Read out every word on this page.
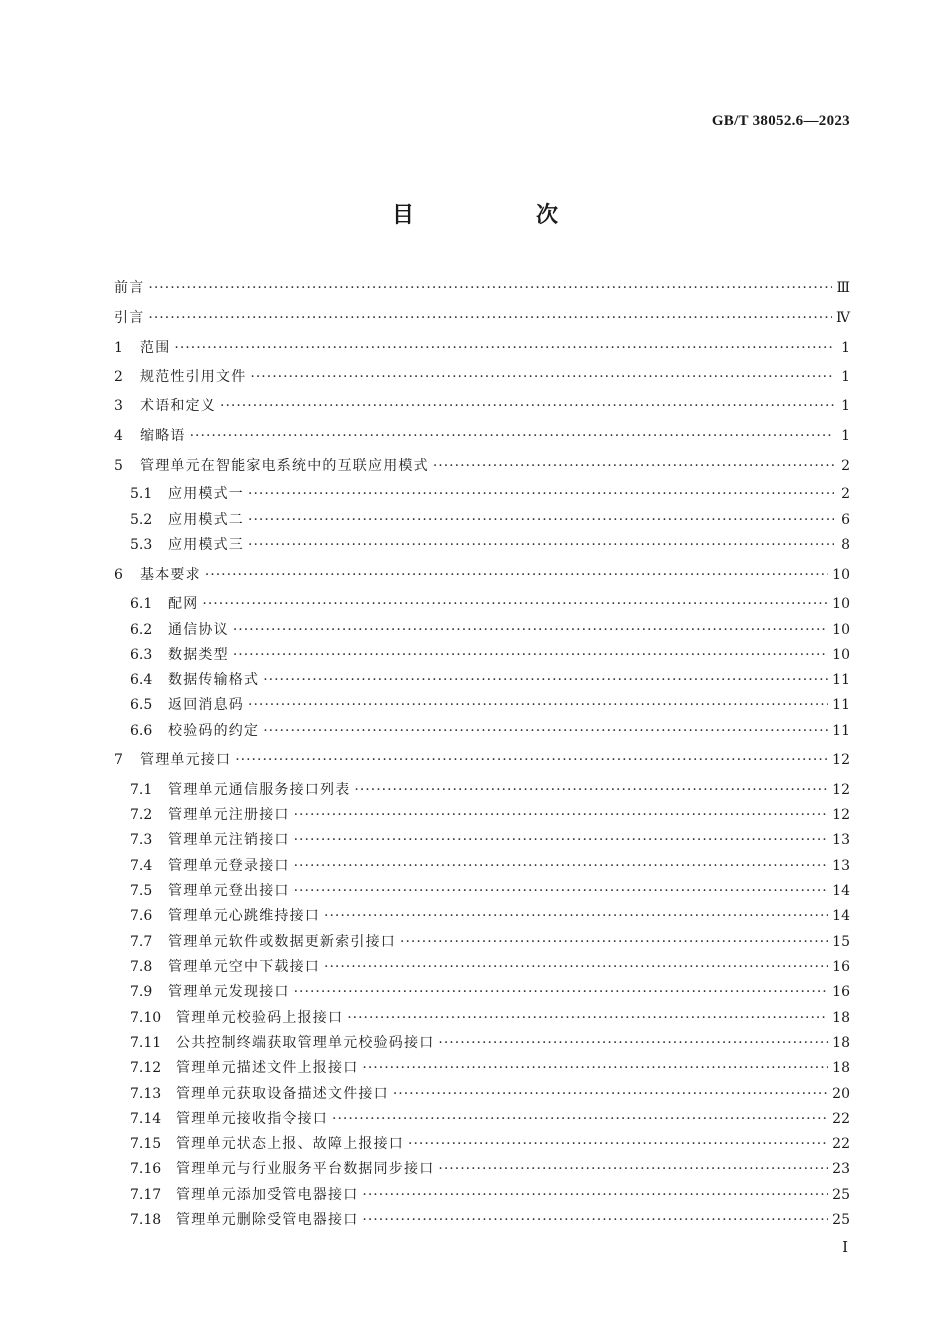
GB/T 38052.6—2023
目　次
前言 ·····	Ⅲ
引言 ·····	Ⅳ
1	范围 ·····	1
2	规范性引用文件 ·····	1
3	术语和定义 ·····	1
4	缩略语 ·····	1
5	管理单元在智能家电系统中的互联应用模式 ·····	2
5.1	应用模式一 ·····	2
5.2	应用模式二 ·····	6
5.3	应用模式三 ·····	8
6	基本要求 ·····	10
6.1	配网 ·····	10
6.2	通信协议 ·····	10
6.3	数据类型 ·····	10
6.4	数据传输格式 ·····	11
6.5	返回消息码 ·····	11
6.6	校验码的约定 ·····	11
7	管理单元接口 ·····	12
7.1	管理单元通信服务接口列表 ·····	12
7.2	管理单元注册接口 ·····	12
7.3	管理单元注销接口 ·····	13
7.4	管理单元登录接口 ·····	13
7.5	管理单元登出接口 ·····	14
7.6	管理单元心跳维持接口 ·····	14
7.7	管理单元软件或数据更新索引接口 ·····	15
7.8	管理单元空中下载接口 ·····	16
7.9	管理单元发现接口 ·····	16
7.10	管理单元校验码上报接口 ·····	18
7.11	公共控制终端获取管理单元校验码接口 ·····	18
7.12	管理单元描述文件上报接口 ·····	18
7.13	管理单元获取设备描述文件接口 ·····	20
7.14	管理单元接收指令接口 ·····	22
7.15	管理单元状态上报、故障上报接口 ·····	22
7.16	管理单元与行业服务平台数据同步接口 ·····	23
7.17	管理单元添加受管电器接口 ·····	25
7.18	管理单元删除受管电器接口 ·····	25
Ⅰ
